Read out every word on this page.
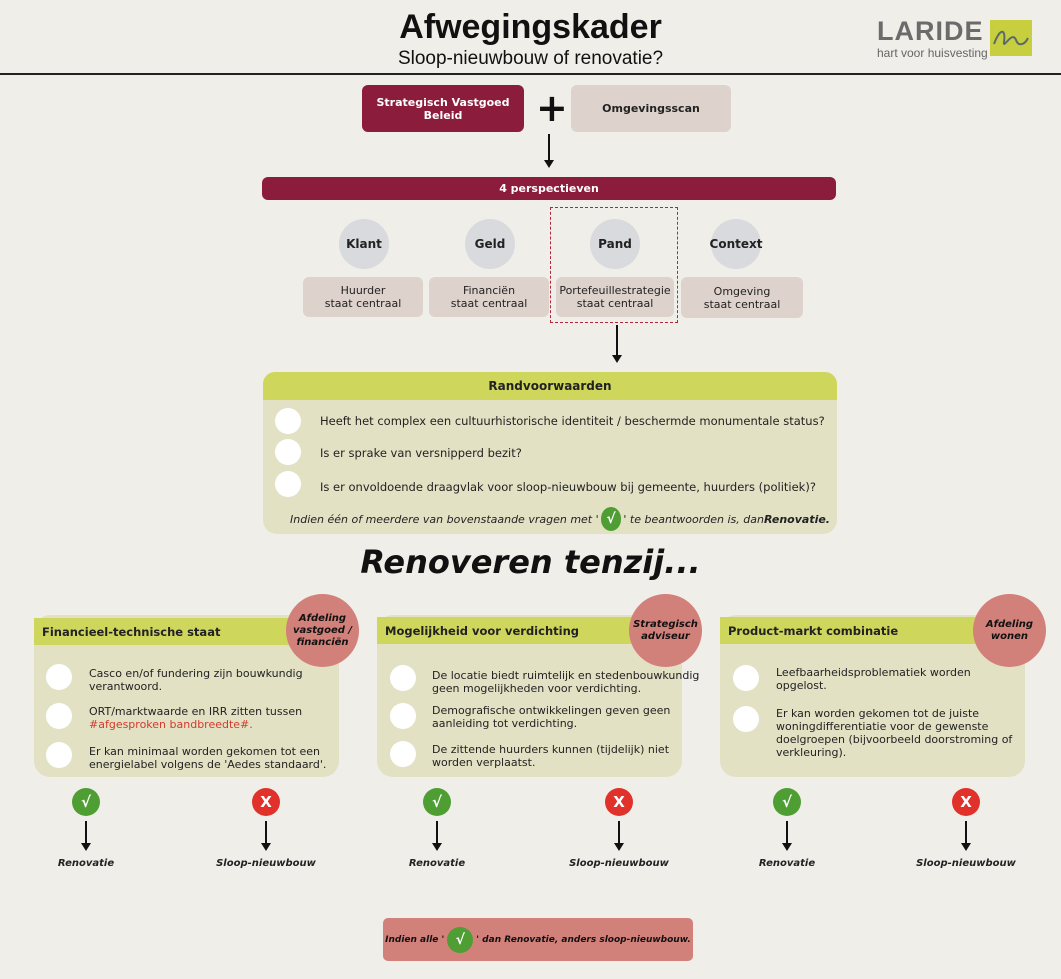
Afwegingskader
Sloop-nieuwbouw of renovatie?
LARIDE
hart voor huisvesting
Strategisch Vastgoed Beleid	+	Omgevingsscan
4 perspectieven
Klant
Huurder
staat centraal
Geld
Financiën
staat centraal
Pand
Portefeuillestrategie
staat centraal
Context
Omgeving
staat centraal
Randvoorwaarden
Heeft het complex een cultuurhistorische identiteit / beschermde monumentale status?
Is er sprake van versnipperd bezit?
Is er onvoldoende draagvlak voor sloop-nieuwbouw bij gemeente, huurders (politiek)?
Indien één of meerdere van bovenstaande vragen met ' √ ' te beantwoorden is, dan Renovatie.
Renoveren tenzij...
Financieel-technische staat
Afdeling
vastgoed /
financiën
Casco en/of fundering zijn bouwkundig
verantwoord.
ORT/marktwaarde en IRR zitten tussen
#afgesproken bandbreedte#.
Er kan minimaal worden gekomen tot een
energielabel volgens de 'Aedes standaard'.
Mogelijkheid voor verdichting	Strategisch
adviseur
De locatie biedt ruimtelijk en stedenbouwkundig
geen mogelijkheden voor verdichting.
Demografische ontwikkelingen geven geen
aanleiding tot verdichting.
De zittende huurders kunnen (tijdelijk) niet
worden verplaatst.
Product-markt combinatie	Afdeling
wonen
Leefbaarheidsproblematiek worden
opgelost.
Er kan worden gekomen tot de juiste
woningdifferentiatie voor de gewenste
doelgroepen (bijvoorbeeld doorstroming of
verkleuring).
√
Renovatie
X
Sloop-nieuwbouw
√
Renovatie
X
Sloop-nieuwbouw
√
Renovatie
X
Sloop-nieuwbouw
Indien alle ' √	' dan Renovatie, anders sloop-nieuwbouw.
